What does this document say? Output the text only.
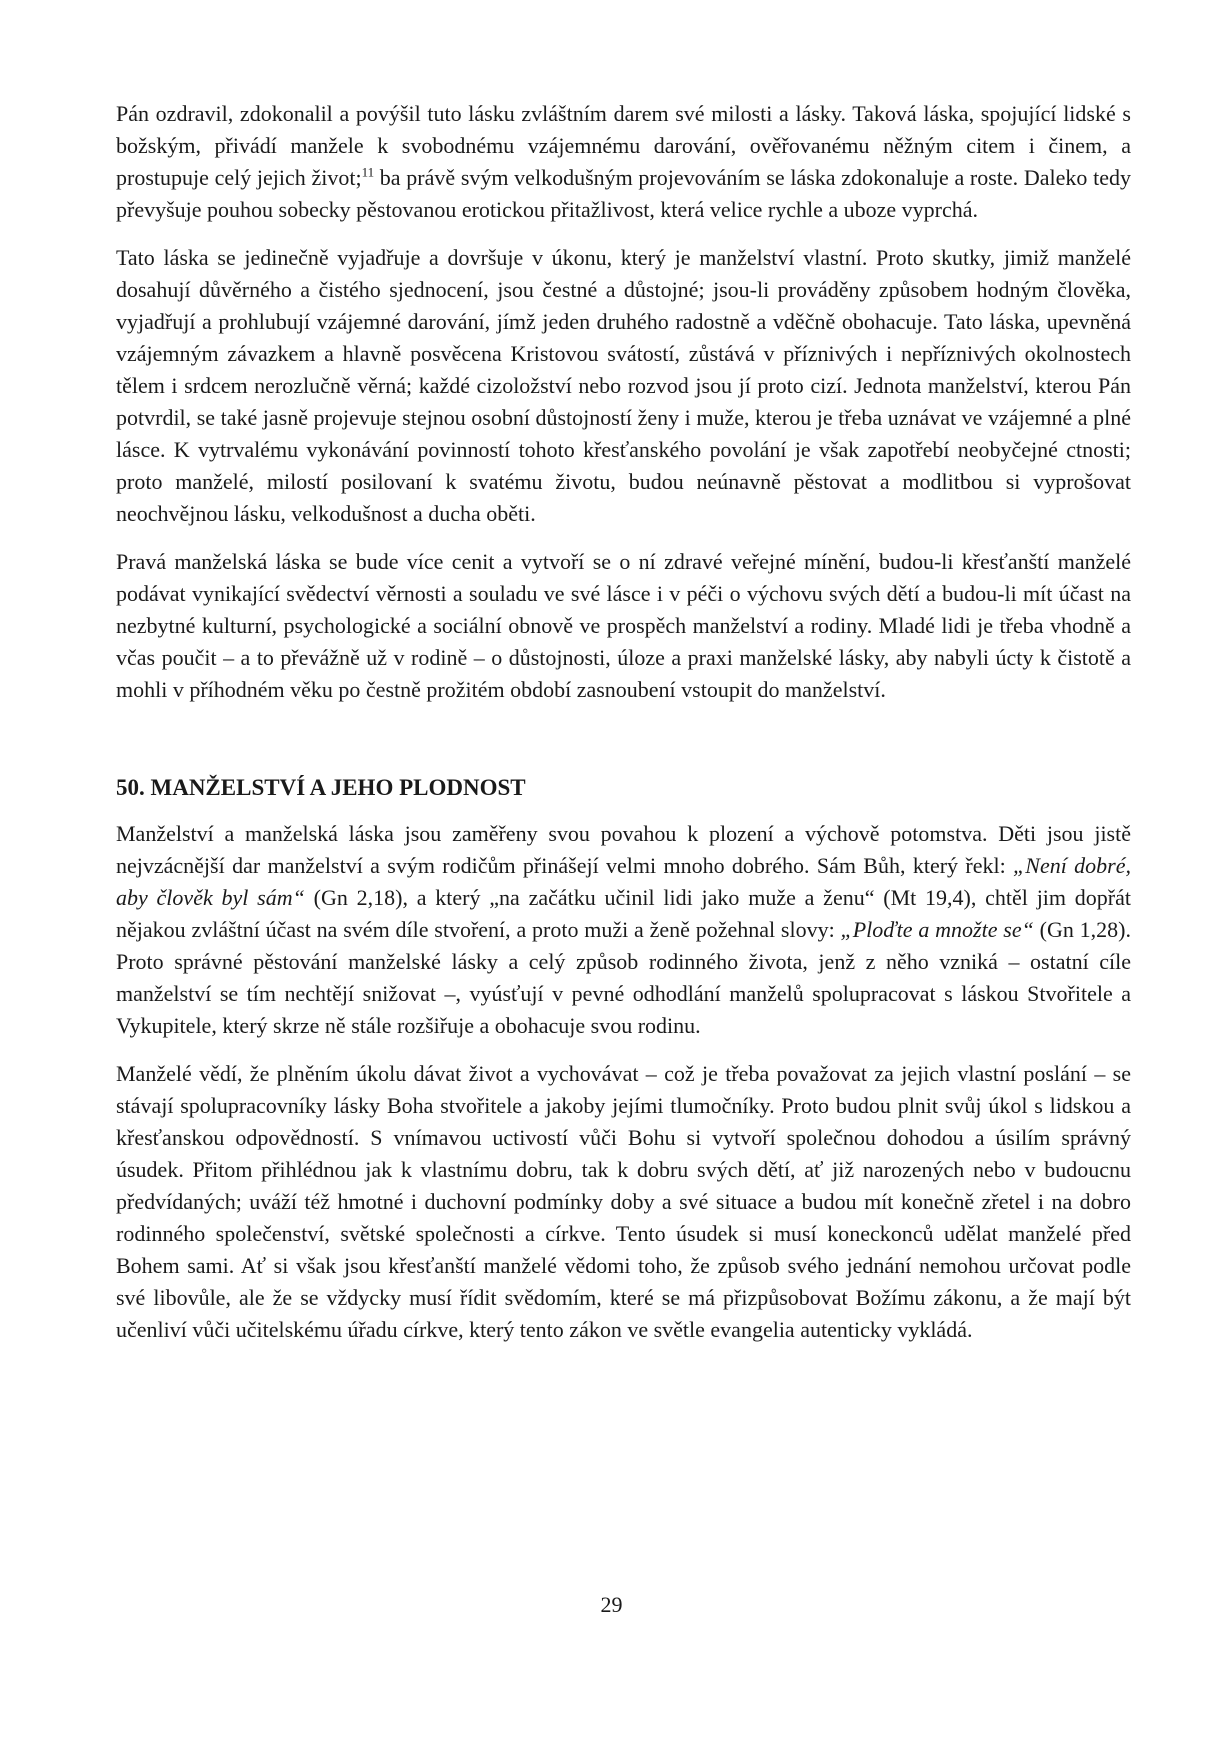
Pán ozdravil, zdokonalil a povýšil tuto lásku zvláštním darem své milosti a lásky. Taková láska, spojující lidské s božským, přivádí manžele k svobodnému vzájemnému darování, ověřovanému něžným citem i činem, a prostupuje celý jejich život;$^{11}$ ba právě svým velkodušným projevováním se láska zdokonaluje a roste. Daleko tedy převyšuje pouhou sobecky pěstovanou erotickou přitažlivost, která velice rychle a uboze vyprchá.

Tato láska se jedinečně vyjadřuje a dovršuje v úkonu, který je manželství vlastní. Proto skutky, jimiž manželé dosahují důvěrného a čistého sjednocení, jsou čestné a důstojné; jsou-li prováděny způsobem hodným člověka, vyjadřují a prohlubují vzájemné darování, jímž jeden druhého radostně a vděčně obohacuje. Tato láska, upevněná vzájemným závazkem a hlavně posvěcena Kristovou svátostí, zůstává v příznivých i nepříznivých okolnostech tělem i srdcem nerozlučně věrná; každé cizoložství nebo rozvod jsou jí proto cizí. Jednota manželství, kterou Pán potvrdil, se také jasně projevuje stejnou osobní důstojností ženy i muže, kterou je třeba uznávat ve vzájemné a plné lásce. K vytrvalému vykonávání povinností tohoto křesťanského povolání je však zapotřebí neobyčejné ctnosti; proto manželé, milostí posilovaní k svatému životu, budou neúnavně pěstovat a modlitbou si vyprošovat neochvějnou lásku, velkodušnost a ducha oběti.

Pravá manželská láska se bude více cenit a vytvoří se o ní zdravé veřejné mínění, budou-li křesťanští manželé podávat vynikající svědectví věrnosti a souladu ve své lásce i v péči o výchovu svých dětí a budou-li mít účast na nezbytné kulturní, psychologické a sociální obnově ve prospěch manželství a rodiny. Mladé lidi je třeba vhodně a včas poučit – a to převážně už v rodině – o důstojnosti, úloze a praxi manželské lásky, aby nabyli úcty k čistotě a mohli v příhodném věku po čestně prožitém období zasnoubení vstoupit do manželství.

50. MANŽELSTVÍ A JEHO PLODNOST

Manželství a manželská láska jsou zaměřeny svou povahou k plození a výchově potomstva. Děti jsou jistě nejvzácnější dar manželství a svým rodičům přinášejí velmi mnoho dobrého. Sám Bůh, který řekl: „Není dobré, aby člověk byl sám“ (Gn 2,18), a který „na začátku učinil lidi jako muže a ženu“ (Mt 19,4), chtěl jim dopřát nějakou zvláštní účast na svém díle stvoření, a proto muži a ženě požehnal slovy: „Ploďte a množte se“ (Gn 1,28). Proto správné pěstování manželské lásky a celý způsob rodinného života, jenž z něho vzniká – ostatní cíle manželství se tím nechtějí snižovat –, vyúsťují v pevné odhodlání manželů spolupracovat s láskou Stvořitele a Vykupitele, který skrze ně stále rozšiřuje a obohacuje svou rodinu.

Manželé vědí, že plněním úkolu dávat život a vychovávat – což je třeba považovat za jejich vlastní poslání – se stávají spolupracovníky lásky Boha stvořitele a jakoby jejími tlumočníky. Proto budou plnit svůj úkol s lidskou a křesťanskou odpovědností. S vnímavou uctivostí vůči Bohu si vytvoří společnou dohodou a úsilím správný úsudek. Přitom přihlédnou jak k vlastnímu dobru, tak k dobru svých dětí, ať již narozených nebo v budoucnu předvídaných; uváží též hmotné i duchovní podmínky doby a své situace a budou mít konečně zřetel i na dobro rodinného společenství, světské společnosti a církve. Tento úsudek si musí koneckonců udělat manželé před Bohem sami. Ať si však jsou křesťanští manželé vědomi toho, že způsob svého jednání nemohou určovat podle své libovůle, ale že se vždycky musí řídit svědomím, které se má přizpůsobovat Božímu zákonu, a že mají být učenliví vůči učitelskému úřadu církve, který tento zákon ve světle evangelia autenticky vykládá.

29
